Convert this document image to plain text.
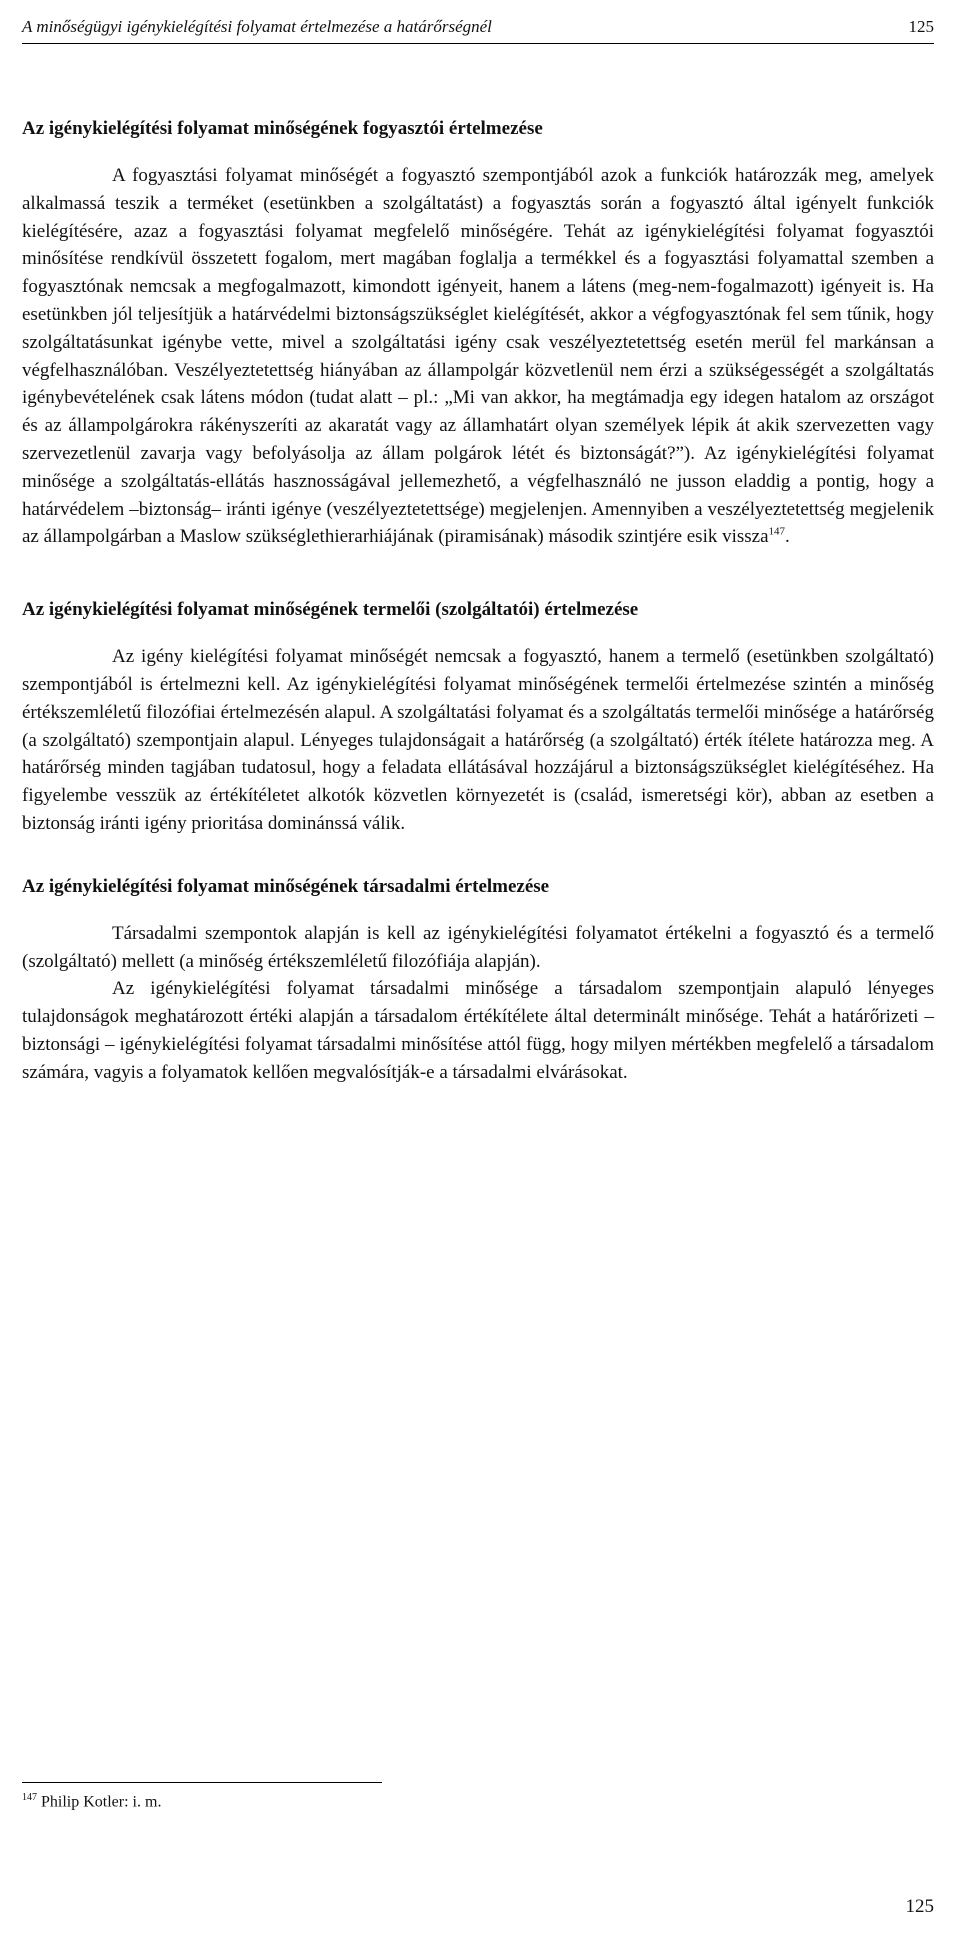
A minőségügyi igénykielégítési folyamat értelmezése a határőrségnél	125
Az igénykielégítési folyamat minőségének fogyasztói értelmezése

A fogyasztási folyamat minőségét a fogyasztó szempontjából azok a funkciók határozzák meg, amelyek alkalmassá teszik a terméket (esetünkben a szolgáltatást) a fogyasztás során a fogyasztó által igényelt funkciók kielégítésére, azaz a fogyasztási folyamat megfelelő minőségére. Tehát az igénykielégítési folyamat fogyasztói minősítése rendkívül összetett fogalom, mert magában foglalja a termékkel és a fogyasztási folyamattal szemben a fogyasztónak nemcsak a megfogalmazott, kimondott igényeit, hanem a látens (meg-nem-fogalmazott) igényeit is. Ha esetünkben jól teljesítjük a határvédelmi biztonságszükséglet kielégítését, akkor a végfogyasztónak fel sem tűnik, hogy szolgáltatásunkat igénybe vette, mivel a szolgáltatási igény csak veszélyeztetettség esetén merül fel markánsan a végfelhasználóban. Veszélyeztetettség hiányában az állampolgár közvetlenül nem érzi a szükségességét a szolgáltatás igénybevételének csak látens módon (tudat alatt – pl.: „Mi van akkor, ha megtámadja egy idegen hatalom az országot és az állampolgárokra rákényszeríti az akaratát vagy az államhatárt olyan személyek lépik át akik szervezetten vagy szervezetlenül zavarja vagy befolyásolja az állam polgárok létét és biztonságát?”). Az igénykielégítési folyamat minősége a szolgáltatás-ellátás hasznosságával jellemezhető, a végfelhasználó ne jusson eladdig a pontig, hogy a határvédelem –biztonság– iránti igénye (veszélyeztetettsége) megjelenjen. Amennyiben a veszélyeztetettség megjelenik az állampolgárban a Maslow szükséglethierarhiájának (piramisának) második szintjére esik vissza$^{147}$.

Az igénykielégítési folyamat minőségének termelői (szolgáltatói) értelmezése

Az igény kielégítési folyamat minőségét nemcsak a fogyasztó, hanem a termelő (esetünkben szolgáltató) szempontjából is értelmezni kell. Az igénykielégítési folyamat minőségének termelői értelmezése szintén a minőség értékszemléletű filozófiai értelmezésén alapul. A szolgáltatási folyamat és a szolgáltatás termelői minősége a határőrség (a szolgáltató) szempontjain alapul. Lényeges tulajdonságait a határőrség (a szolgáltató) érték ítélete határozza meg. A határőrség minden tagjában tudatosul, hogy a feladata ellátásával hozzájárul a biztonságszükséglet kielégítéséhez. Ha figyelembe vesszük az értékítéletet alkotók közvetlen környezetét is (család, ismeretségi kör), abban az esetben a biztonság iránti igény prioritása dominánssá válik.

Az igénykielégítési folyamat minőségének társadalmi értelmezése

Társadalmi szempontok alapján is kell az igénykielégítési folyamatot értékelni a fogyasztó és a termelő (szolgáltató) mellett (a minőség értékszemléletű filozófiája alapján).

Az igénykielégítési folyamat társadalmi minősége a társadalom szempontjain alapuló lényeges tulajdonságok meghatározott értéki alapján a társadalom értékítélete által determinált minősége. Tehát a határőrizeti – biztonsági – igénykielégítési folyamat társadalmi minősítése attól függ, hogy milyen mértékben megfelelő a társadalom számára, vagyis a folyamatok kellően megvalósítják-e a társadalmi elvárásokat.

$^{147}$ Philip Kotler: i. m.
125
